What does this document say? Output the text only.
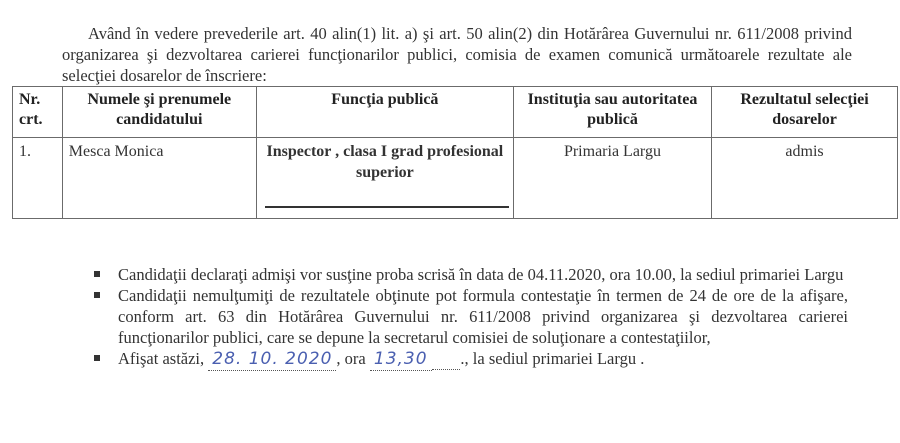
Având în vedere prevederile art. 40 alin(1) lit. a) şi art. 50 alin(2) din Hotărârea Guvernului nr. 611/2008 privind organizarea şi dezvoltarea carierei funcţionarilor publici, comisia de examen comunică următoarele rezultate ale selecţiei dosarelor de înscriere:

Nr. crt.	Numele şi prenumele candidatului	Funcţia publică	Instituţia sau autoritatea publică	Rezultatul selecţiei dosarelor
1.	Mesca Monica	Inspector , clasa I grad profesional superior	Primaria Largu	admis
Candidaţii declaraţi admişi vor susţine proba scrisă în data de 04.11.2020, ora 10.00, la sediul primariei Largu
Candidaţii nemulţumiţi de rezultatele obţinute pot formula contestaţie în termen de 24 de ore de la afişare, conform art. 63 din Hotărârea Guvernului nr. 611/2008 privind organizarea şi dezvoltarea carierei funcţionarilor publici, care se depune la secretarul comisiei de soluţionare a contestaţiilor,
Afişat astăzi, 28. 10. 2020 , ora 13,30 ., la sediul primariei Largu .
